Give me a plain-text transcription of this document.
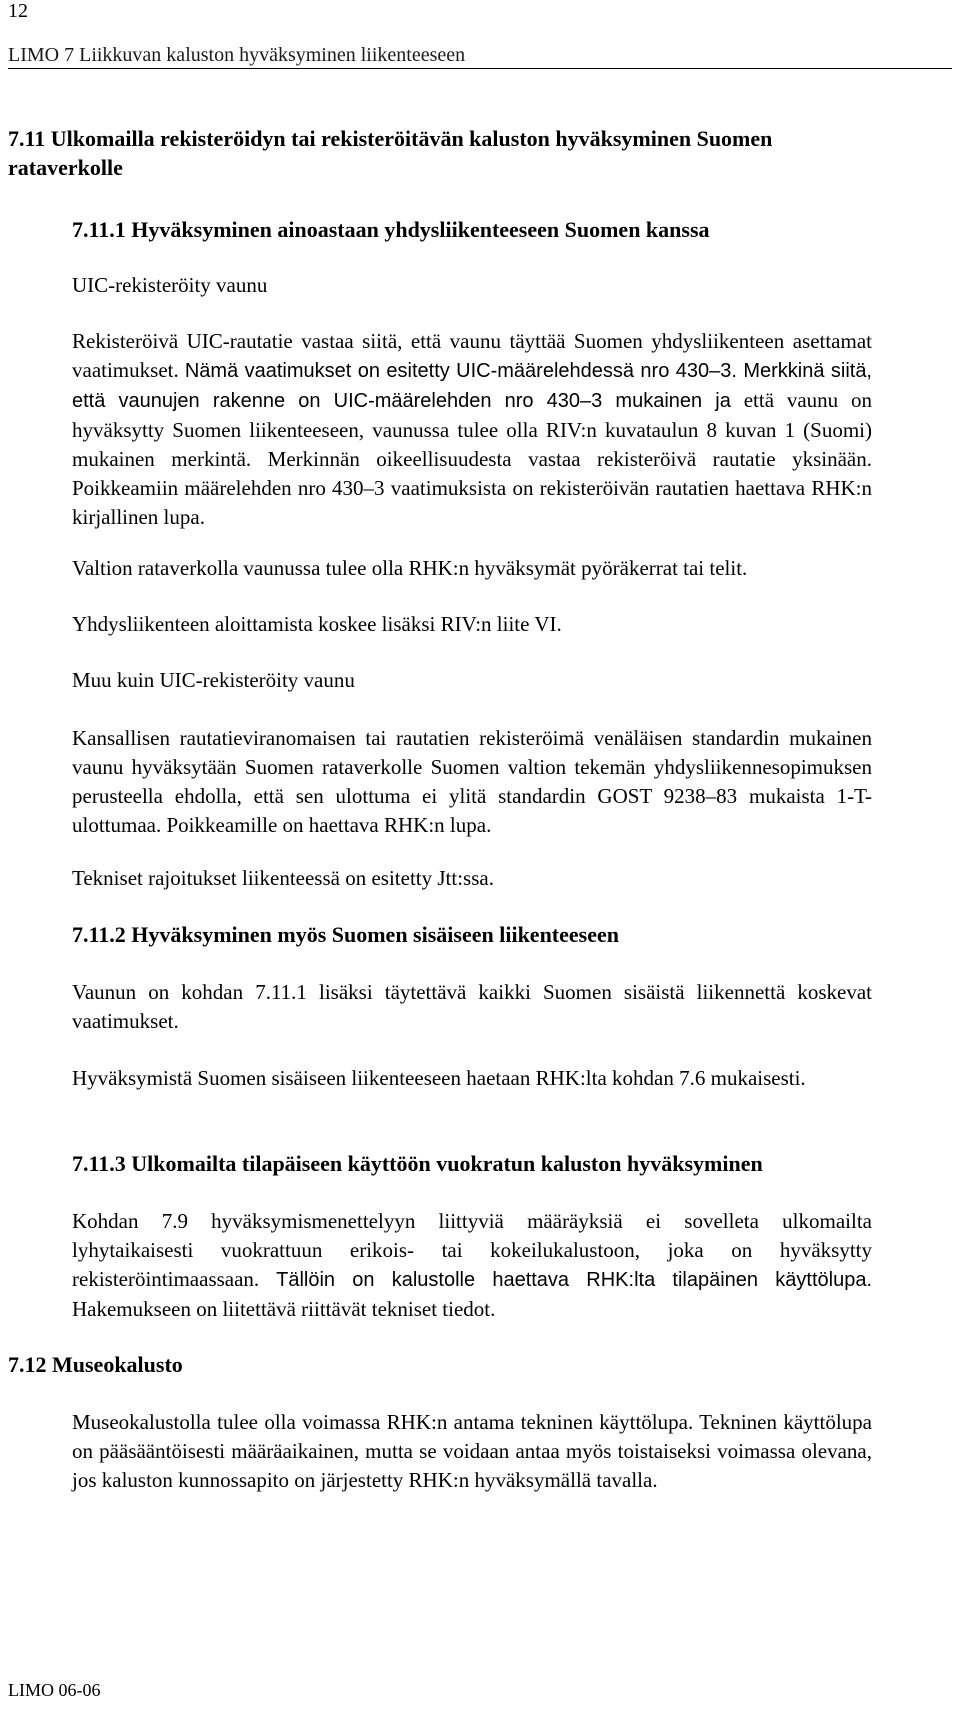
12
LIMO 7 Liikkuvan kaluston hyväksyminen liikenteeseen
7.11 Ulkomailla rekisteröidyn tai rekisteröitävän kaluston hyväksyminen Suomen
rataverkolle
7.11.1 Hyväksyminen ainoastaan yhdysliikenteeseen Suomen kanssa
UIC-rekisteröity vaunu
Rekisteröivä UIC-rautatie vastaa siitä, että vaunu täyttää Suomen yhdysliikenteen asettamat vaatimukset. Nämä vaatimukset on esitetty UIC-määrelehdessä nro 430–3. Merkkinä siitä, että vaunujen rakenne on UIC-määrelehden nro 430–3 mukainen ja että vaunu on hyväksytty Suomen liikenteeseen, vaunussa tulee olla RIV:n kuvataulun 8 kuvan 1 (Suomi) mukainen merkintä. Merkinnän oikeellisuudesta vastaa rekisteröivä rautatie yksinään. Poikkeamiin määrelehden nro 430–3 vaatimuksista on rekisteröivän rautatien haettava RHK:n kirjallinen lupa.
Valtion rataverkolla vaunussa tulee olla RHK:n hyväksymät pyöräkerrat tai telit.
Yhdysliikenteen aloittamista koskee lisäksi RIV:n liite VI.
Muu kuin UIC-rekisteröity vaunu
Kansallisen rautatieviranomaisen tai rautatien rekisteröimä venäläisen standardin mukainen vaunu hyväksytään Suomen rataverkolle Suomen valtion tekemän yhdysliikennesopimuksen perusteella ehdolla, että sen ulottuma ei ylitä standardin GOST 9238–83 mukaista 1-T-ulottumaa. Poikkeamille on haettava RHK:n lupa.
Tekniset rajoitukset liikenteessä on esitetty Jtt:ssa.
7.11.2 Hyväksyminen myös Suomen sisäiseen liikenteeseen
Vaunun on kohdan 7.11.1 lisäksi täytettävä kaikki Suomen sisäistä liikennettä koskevat vaatimukset.
Hyväksymistä Suomen sisäiseen liikenteeseen haetaan RHK:lta kohdan 7.6 mukaisesti.
7.11.3 Ulkomailta tilapäiseen käyttöön vuokratun kaluston hyväksyminen
Kohdan 7.9 hyväksymismenettelyyn liittyviä määräyksiä ei sovelleta ulkomailta lyhytaikaisesti vuokrattuun erikois- tai kokeilukalustoon, joka on hyväksytty rekisteröintimaassaan. Tällöin on kalustolle haettava RHK:lta tilapäinen käyttölupa. Hakemukseen on liitettävä riittävät tekniset tiedot.
7.12 Museokalusto
Museokalustolla tulee olla voimassa RHK:n antama tekninen käyttölupa. Tekninen käyttölupa on pääsääntöisesti määräaikainen, mutta se voidaan antaa myös toistaiseksi voimassa olevana, jos kaluston kunnossapito on järjestetty RHK:n hyväksymällä tavalla.
LIMO 06-06
